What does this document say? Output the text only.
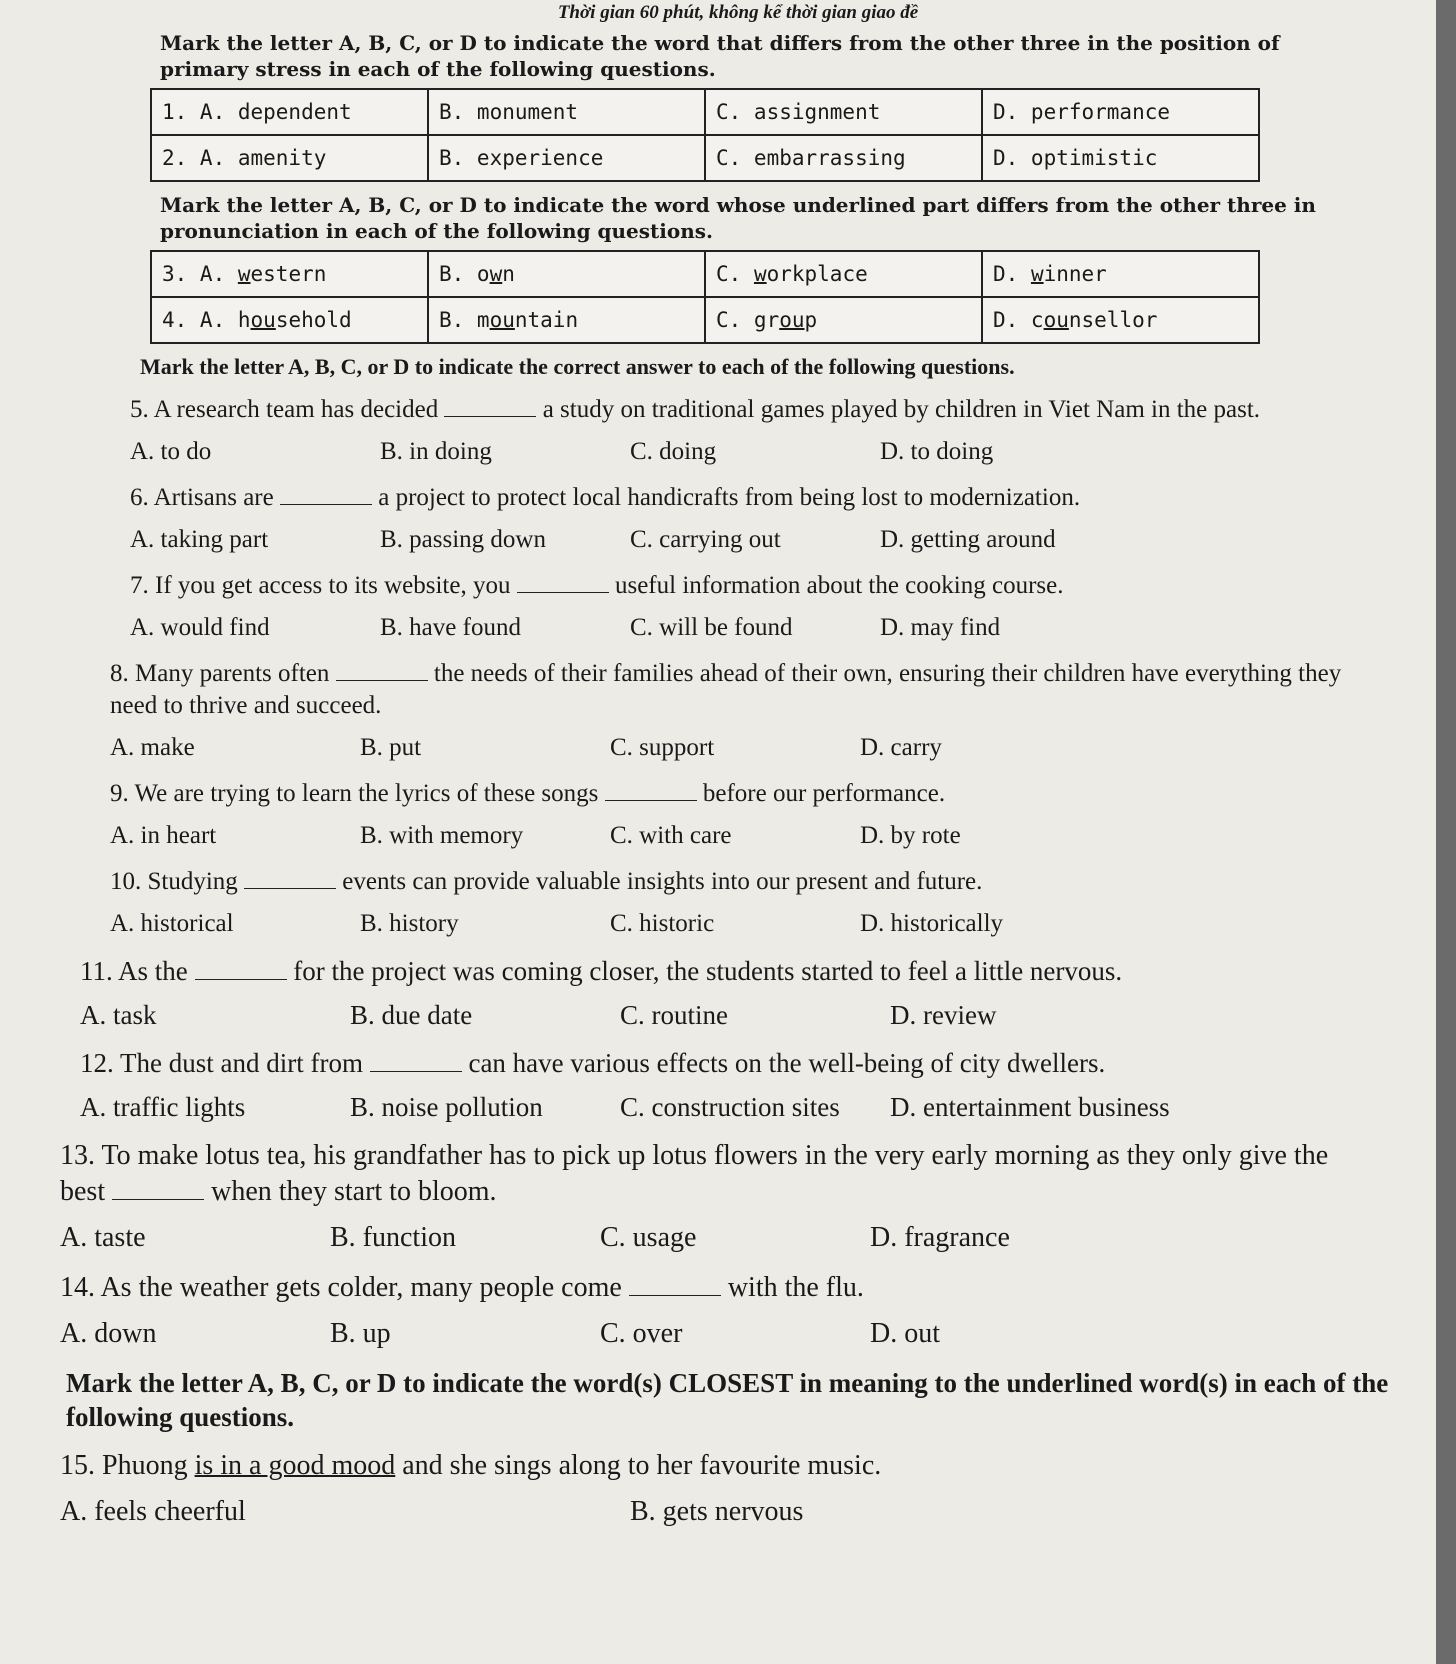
Thời gian 60 phút, không kể thời gian giao đề
Mark the letter A, B, C, or D to indicate the word that differs from the other three in the position of primary stress in each of the following questions.
1. A. dependent	B. monument	C. assignment	D. performance
2. A. amenity	B. experience	C. embarrassing	D. optimistic
Mark the letter A, B, C, or D to indicate the word whose underlined part differs from the other three in pronunciation in each of the following questions.
3. A. western	B. own	C. workplace	D. winner
4. A. household	B. mountain	C. group	D. counsellor
Mark the letter A, B, C, or D to indicate the correct answer to each of the following questions.
5. A research team has decided	a study on traditional games played by children in Viet Nam in the past.
A. to do	B. in doing	C. doing	D. to doing
6. Artisans are	a project to protect local handicrafts from being lost to modernization.
A. taking part	B. passing down	C. carrying out	D. getting around
7. If you get access to its website, you	useful information about the cooking course.
A. would find	B. have found	C. will be found	D. may find
8. Many parents often	the needs of their families ahead of their own, ensuring their children have everything they need to thrive and succeed.
A. make	B. put	C. support	D. carry
9. We are trying to learn the lyrics of these songs	before our performance.
A. in heart	B. with memory	C. with care	D. by rote
10. Studying	events can provide valuable insights into our present and future.
A. historical	B. history	C. historic	D. historically
11. As the	for the project was coming closer, the students started to feel a little nervous.
A. task	B. due date	C. routine	D. review
12. The dust and dirt from	can have various effects on the well-being of city dwellers.
A. traffic lights	B. noise pollution	C. construction sites	D. entertainment business
13. To make lotus tea, his grandfather has to pick up lotus flowers in the very early morning as they only give the best	when they start to bloom.
A. taste	B. function	C. usage	D. fragrance
14. As the weather gets colder, many people come	with the flu.
A. down	B. up	C. over	D. out
Mark the letter A, B, C, or D to indicate the word(s) CLOSEST in meaning to the underlined word(s) in each of the following questions.
15. Phuong is in a good mood and she sings along to her favourite music.
A. feels cheerful	B. gets nervous
